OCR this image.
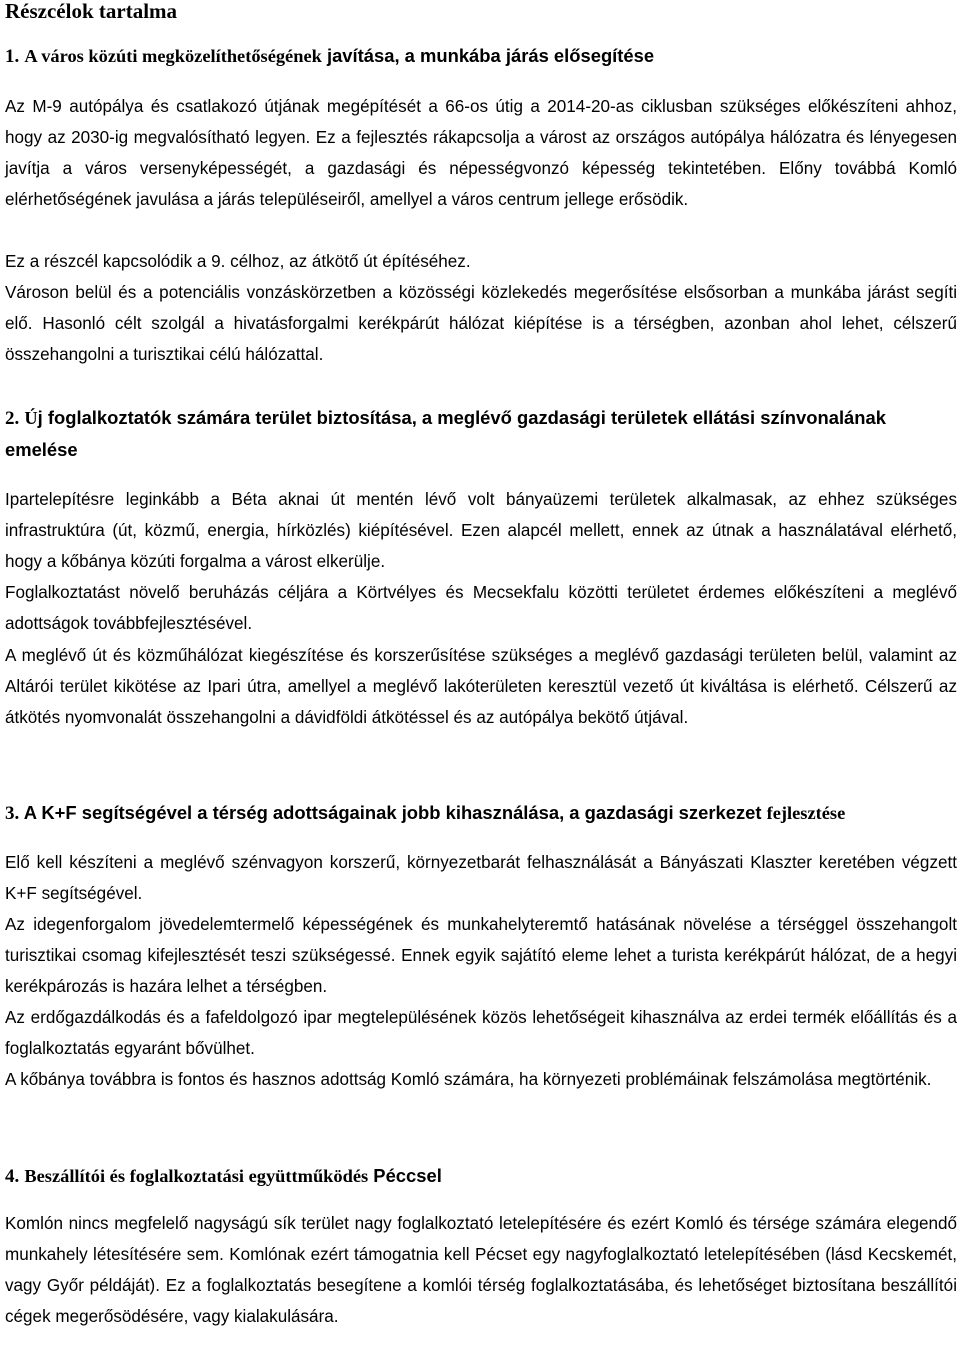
Részcélok tartalma
1. A város közúti megközelíthetőségének javítása, a munkába járás elősegítése

Az M-9 autópálya és csatlakozó útjának megépítését a 66-os útig a 2014-20-as ciklusban szükséges előkészíteni ahhoz, hogy az 2030-ig megvalósítható legyen. Ez a fejlesztés rákapcsolja a várost az országos autópálya hálózatra és lényegesen javítja a város versenyképességét, a gazdasági és népességvonzó képesség tekintetében. Előny továbbá Komló elérhetőségének javulása a járás településeiről, amellyel a város centrum jellege erősödik.

Ez a részcél kapcsolódik a 9. célhoz, az átkötő út építéséhez.

Városon belül és a potenciális vonzáskörzetben a közösségi közlekedés megerősítése elsősorban a munkába járást segíti elő. Hasonló célt szolgál a hivatásforgalmi kerékpárút hálózat kiépítése is a térségben, azonban ahol lehet, célszerű összehangolni a turisztikai célú hálózattal.

2. Új foglalkoztatók számára terület biztosítása, a meglévő gazdasági területek ellátási színvonalának emelése

Ipartelepítésre leginkább a Béta aknai út mentén lévő volt bányaüzemi területek alkalmasak, az ehhez szükséges infrastruktúra (út, közmű, energia, hírközlés) kiépítésével. Ezen alapcél mellett, ennek az útnak a használatával elérhető, hogy a kőbánya közúti forgalma a várost elkerülje.

Foglalkoztatást növelő beruházás céljára a Körtvélyes és Mecsekfalu közötti területet érdemes előkészíteni a meglévő adottságok továbbfejlesztésével.

A meglévő út és közműhálózat kiegészítése és korszerűsítése szükséges a meglévő gazdasági területen belül, valamint az Altárói terület kikötése az Ipari útra, amellyel a meglévő lakóterületen keresztül vezető út kiváltása is elérhető. Célszerű az átkötés nyomvonalát összehangolni a dávidföldi átkötéssel és az autópálya bekötő útjával.

3. A K+F segítségével a térség adottságainak jobb kihasználása, a gazdasági szerkezet fejlesztése

Elő kell készíteni a meglévő szénvagyon korszerű, környezetbarát felhasználását a Bányászati Klaszter keretében végzett K+F segítségével.

Az idegenforgalom jövedelemtermelő képességének és munkahelyteremtő hatásának növelése a térséggel összehangolt turisztikai csomag kifejlesztését teszi szükségessé. Ennek egyik sajátító eleme lehet a turista kerékpárút hálózat, de a hegyi kerékpározás is hazára lelhet a térségben.

Az erdőgazdálkodás és a fafeldolgozó ipar megtelepülésének közös lehetőségeit kihasználva az erdei termék előállítás és a foglalkoztatás egyaránt bővülhet.

A kőbánya továbbra is fontos és hasznos adottság Komló számára, ha környezeti problémáinak felszámolása megtörténik.

4. Beszállítói és foglalkoztatási együttműködés Péccsel

Komlón nincs megfelelő nagyságú sík terület nagy foglalkoztató letelepítésére és ezért Komló és térsége számára elegendő munkahely létesítésére sem. Komlónak ezért támogatnia kell Pécset egy nagyfoglalkoztató letelepítésében (lásd Kecskemét, vagy Győr példáját). Ez a foglalkoztatás besegítene a komlói térség foglalkoztatásába, és lehetőséget biztosítana beszállítói cégek megerősödésére, vagy kialakulására.
